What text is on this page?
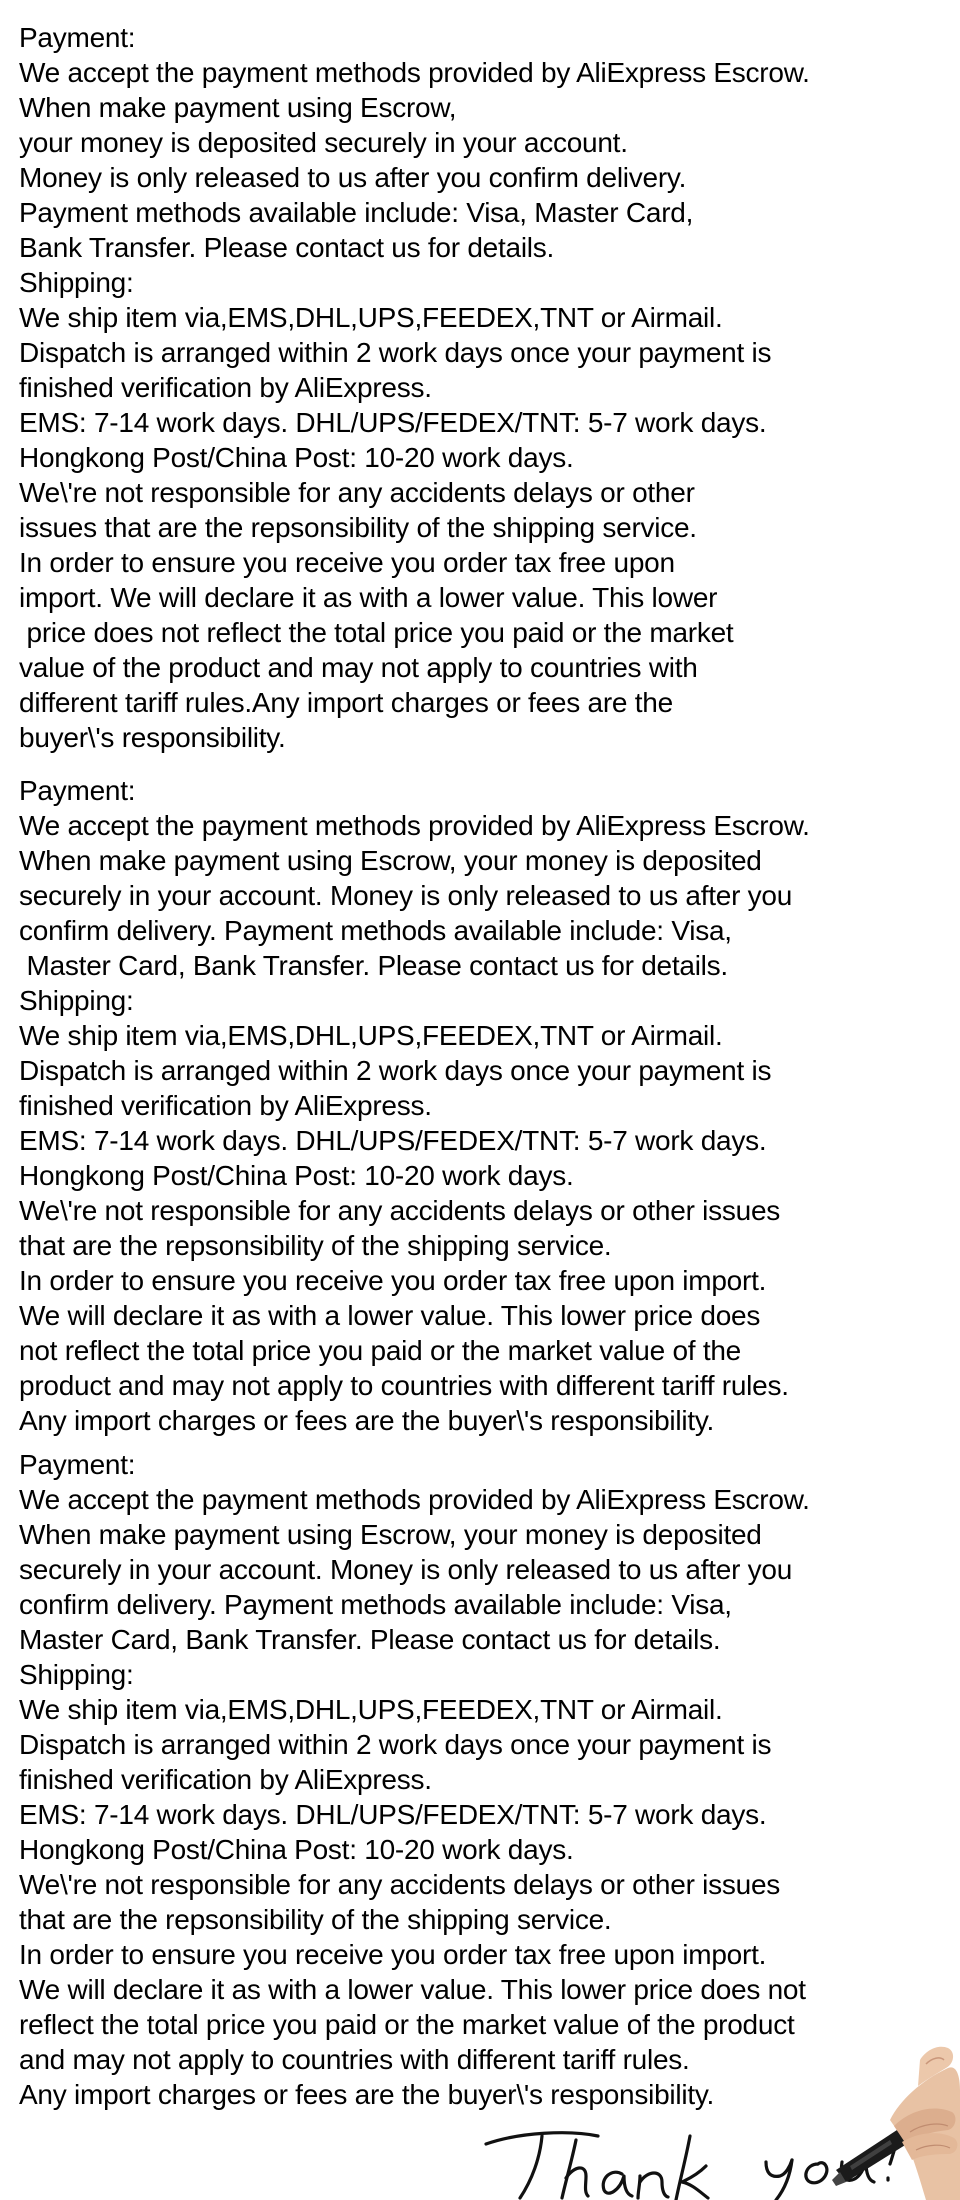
Payment:
We accept the payment methods provided by AliExpress Escrow.
When make payment using Escrow,
your money is deposited securely in your account.
Money is only released to us after you confirm delivery.
Payment methods available include: Visa, Master Card,
Bank Transfer. Please contact us for details.
Shipping:
We ship item via,EMS,DHL,UPS,FEEDEX,TNT or Airmail.
Dispatch is arranged within 2 work days once your payment is
finished verification by AliExpress.
EMS: 7-14 work days. DHL/UPS/FEDEX/TNT: 5-7 work days.
Hongkong Post/China Post: 10-20 work days.
We\'re not responsible for any accidents delays or other
issues that are the repsonsibility of the shipping service.
In order to ensure you receive you order tax free upon
import. We will declare it as with a lower value. This lower
price does not reflect the total price you paid or the market
value of the product and may not apply to countries with
different tariff rules.Any import charges or fees are the
buyer\'s responsibility.
Payment:
We accept the payment methods provided by AliExpress Escrow.
When make payment using Escrow, your money is deposited
securely in your account. Money is only released to us after you
confirm delivery. Payment methods available include: Visa,
Master Card, Bank Transfer. Please contact us for details.
Shipping:
We ship item via,EMS,DHL,UPS,FEEDEX,TNT or Airmail.
Dispatch is arranged within 2 work days once your payment is
finished verification by AliExpress.
EMS: 7-14 work days. DHL/UPS/FEDEX/TNT: 5-7 work days.
Hongkong Post/China Post: 10-20 work days.
We\'re not responsible for any accidents delays or other issues
that are the repsonsibility of the shipping service.
In order to ensure you receive you order tax free upon import.
We will declare it as with a lower value. This lower price does
not reflect the total price you paid or the market value of the
product and may not apply to countries with different tariff rules.
Any import charges or fees are the buyer\'s responsibility.
Payment:
We accept the payment methods provided by AliExpress Escrow.
When make payment using Escrow, your money is deposited
securely in your account. Money is only released to us after you
confirm delivery. Payment methods available include: Visa,
Master Card, Bank Transfer. Please contact us for details.
Shipping:
We ship item via,EMS,DHL,UPS,FEEDEX,TNT or Airmail.
Dispatch is arranged within 2 work days once your payment is
finished verification by AliExpress.
EMS: 7-14 work days. DHL/UPS/FEDEX/TNT: 5-7 work days.
Hongkong Post/China Post: 10-20 work days.
We\'re not responsible for any accidents delays or other issues
that are the repsonsibility of the shipping service.
In order to ensure you receive you order tax free upon import.
We will declare it as with a lower value. This lower price does not
reflect the total price you paid or the market value of the product
and may not apply to countries with different tariff rules.
Any import charges or fees are the buyer\'s responsibility.
